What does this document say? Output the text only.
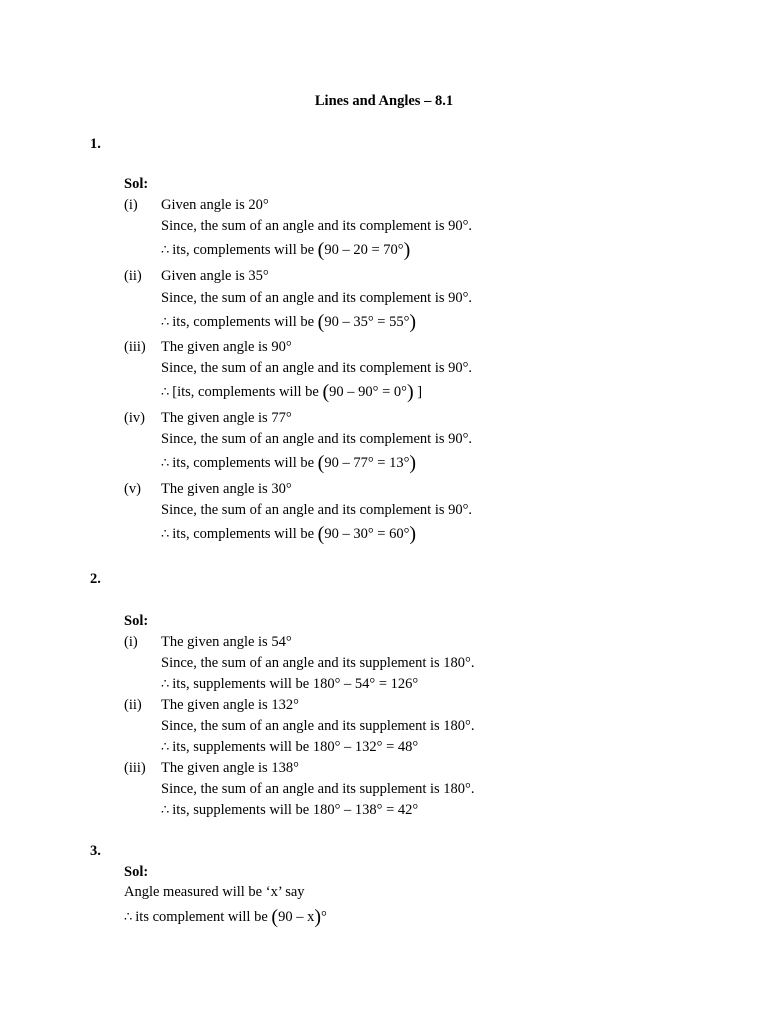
Lines and Angles – 8.1
1.
Sol:
(i)	Given angle is 20°
Since, the sum of an angle and its complement is 90°.
∴ its, complements will be (90 – 20 = 70°)
(ii)	Given angle is 35°
Since, the sum of an angle and its complement is 90°.
∴ its, complements will be (90 – 35° = 55°)
(iii)	The given angle is 90°
Since, the sum of an angle and its complement is 90°.
∴ [its, complements will be (90 – 90° = 0°) ]
(iv)	The given angle is 77°
Since, the sum of an angle and its complement is 90°.
∴ its, complements will be (90 – 77° = 13°)
(v)	The given angle is 30°
Since, the sum of an angle and its complement is 90°.
∴ its, complements will be (90 – 30° = 60°)
2.
Sol:
(i)	The given angle is 54°
Since, the sum of an angle and its supplement is 180°.
∴ its, supplements will be 180° – 54° = 126°
(ii)	The given angle is 132°
Since, the sum of an angle and its supplement is 180°.
∴ its, supplements will be 180° – 132° = 48°
(iii)	The given angle is 138°
Since, the sum of an angle and its supplement is 180°.
∴ its, supplements will be 180° – 138° = 42°
3.
Sol:
Angle measured will be ‘x’ say
∴ its complement will be (90 – x)°
